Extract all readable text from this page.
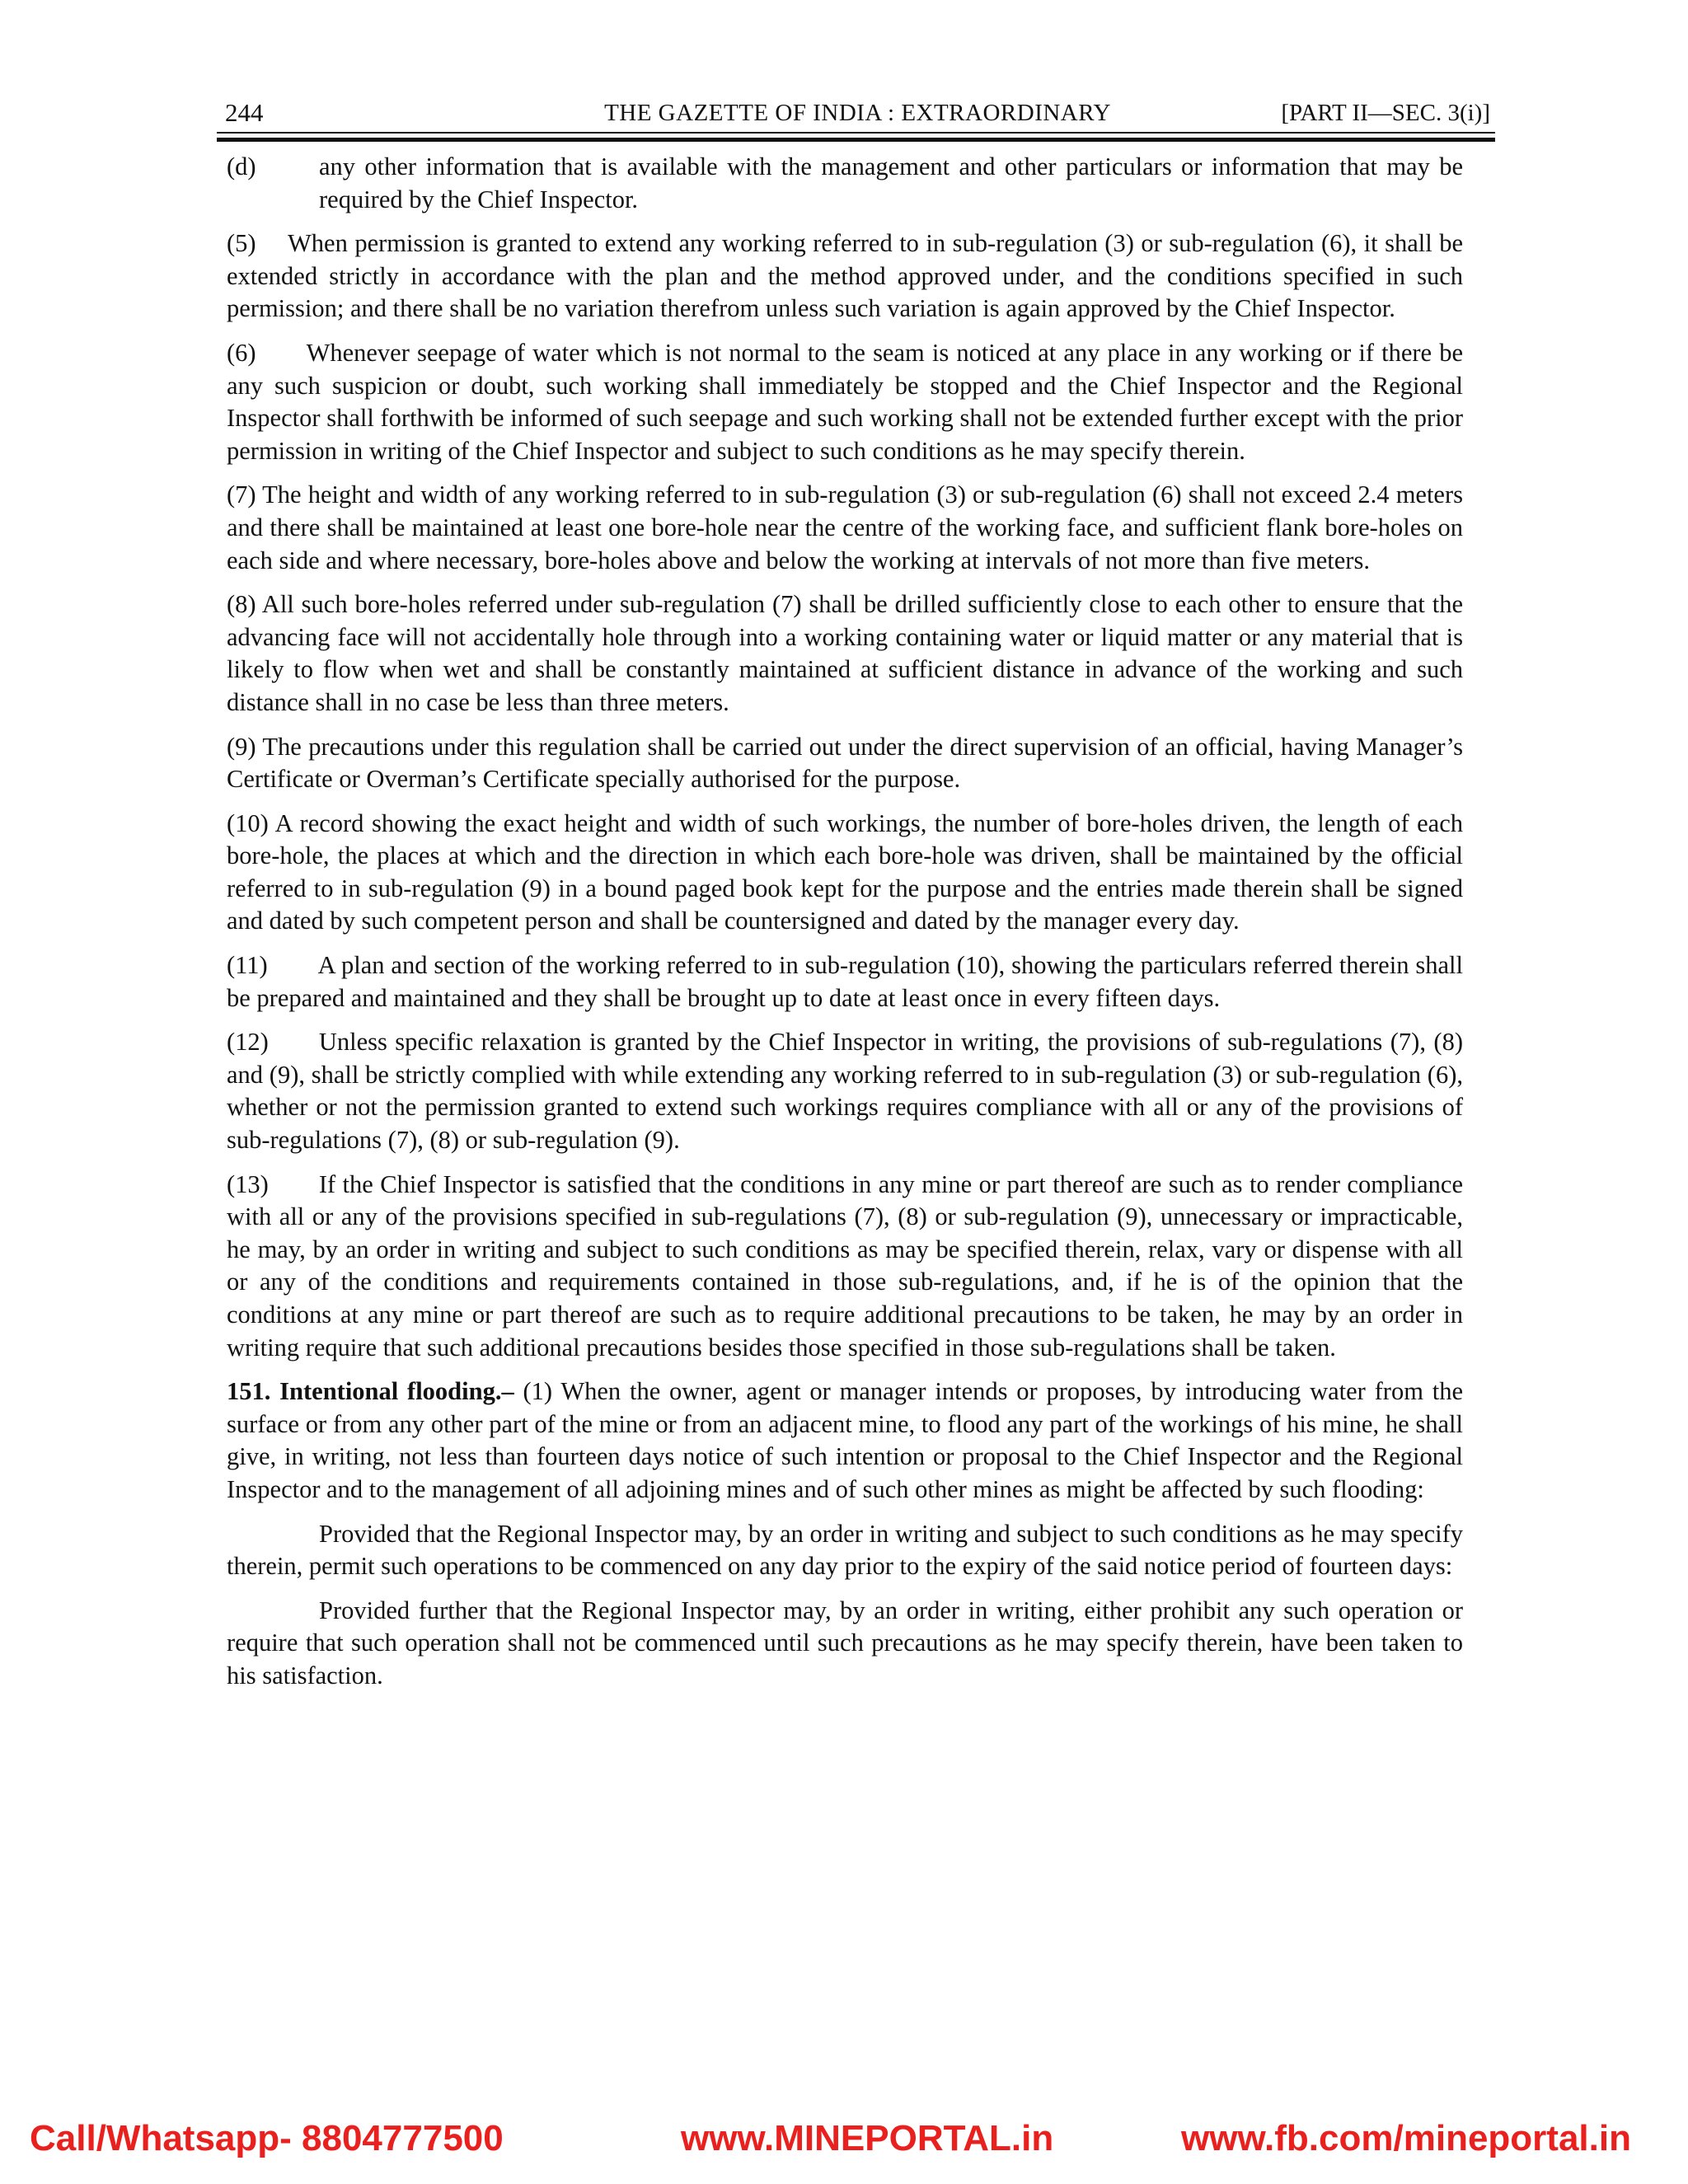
244	THE GAZETTE OF INDIA : EXTRAORDINARY	[PART II—SEC. 3(i)]
(d)	any other information that is available with the management and other particulars or information that may be required by the Chief Inspector.

(5)  When permission is granted to extend any working referred to in sub-regulation (3) or sub-regulation (6), it shall be extended strictly in accordance with the plan and the method approved under, and the conditions specified in such permission; and there shall be no variation therefrom unless such variation is again approved by the Chief Inspector.

(6)  Whenever seepage of water which is not normal to the seam is noticed at any place in any working or if there be any such suspicion or doubt, such working shall immediately be stopped and the Chief Inspector and the Regional Inspector shall forthwith be informed of such seepage and such working shall not be extended further except with the prior permission in writing of the Chief Inspector and subject to such conditions as he may specify therein.

(7) The height and width of any working referred to in sub-regulation (3) or sub-regulation (6) shall not exceed 2.4 meters and there shall be maintained at least one bore-hole near the centre of the working face, and sufficient flank bore-holes on each side and where necessary, bore-holes above and below the working at intervals of not more than five meters.

(8) All such bore-holes referred under sub-regulation (7) shall be drilled sufficiently close to each other to ensure that the advancing face will not accidentally hole through into a working containing water or liquid matter or any material that is likely to flow when wet and shall be constantly maintained at sufficient distance in advance of the working and such distance shall in no case be less than three meters.

(9) The precautions under this regulation shall be carried out under the direct supervision of an official, having Manager’s Certificate or Overman’s Certificate specially authorised for the purpose.

(10) A record showing the exact height and width of such workings, the number of bore-holes driven, the length of each bore-hole, the places at which and the direction in which each bore-hole was driven, shall be maintained by the official referred to in sub-regulation (9) in a bound paged book kept for the purpose and the entries made therein shall be signed and dated by such competent person and shall be countersigned and dated by the manager every day.

(11)  A plan and section of the working referred to in sub-regulation (10), showing the particulars referred therein shall be prepared and maintained and they shall be brought up to date at least once in every fifteen days.

(12)  Unless specific relaxation is granted by the Chief Inspector in writing, the provisions of sub-regulations (7), (8) and (9), shall be strictly complied with while extending any working referred to in sub-regulation (3) or sub-regulation (6), whether or not the permission granted to extend such workings requires compliance with all or any of the provisions of sub-regulations (7), (8) or sub-regulation (9).

(13)  If the Chief Inspector is satisfied that the conditions in any mine or part thereof are such as to render compliance with all or any of the provisions specified in sub-regulations (7), (8) or sub-regulation (9), unnecessary or impracticable, he may, by an order in writing and subject to such conditions as may be specified therein, relax, vary or dispense with all or any of the conditions and requirements contained in those sub-regulations, and, if he is of the opinion that the conditions at any mine or part thereof are such as to require additional precautions to be taken, he may by an order in writing require that such additional precautions besides those specified in those sub-regulations shall be taken.

151. Intentional flooding.– (1) When the owner, agent or manager intends or proposes, by introducing water from the surface or from any other part of the mine or from an adjacent mine, to flood any part of the workings of his mine, he shall give, in writing, not less than fourteen days notice of such intention or proposal to the Chief Inspector and the Regional Inspector and to the management of all adjoining mines and of such other mines as might be affected by such flooding:

Provided that the Regional Inspector may, by an order in writing and subject to such conditions as he may specify therein, permit such operations to be commenced on any day prior to the expiry of the said notice period of fourteen days:

Provided further that the Regional Inspector may, by an order in writing, either prohibit any such operation or require that such operation shall not be commenced until such precautions as he may specify therein, have been taken to his satisfaction.

Call/Whatsapp- 8804777500	www.MINEPORTAL.in	www.fb.com/mineportal.in
